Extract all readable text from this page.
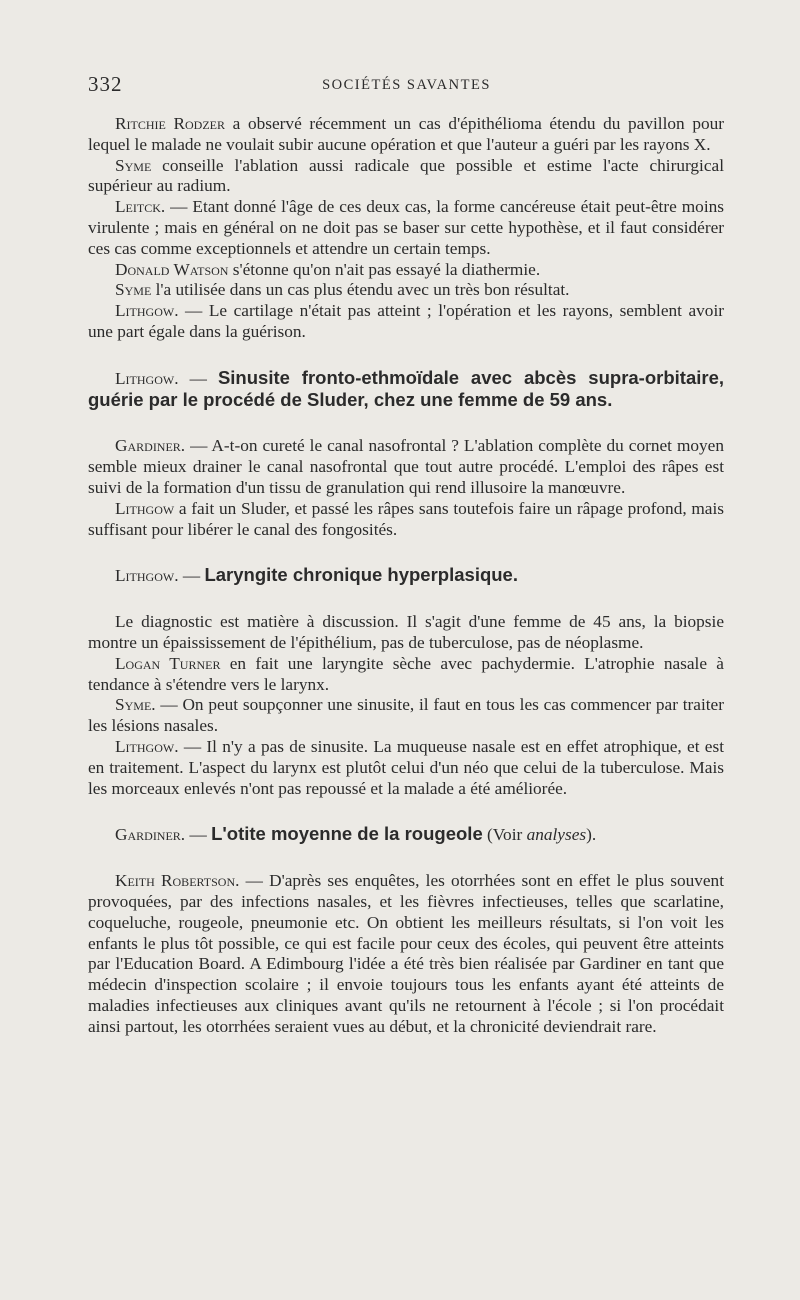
332	SOCIÉTÉS SAVANTES

Ritchie Rodzer a observé récemment un cas d'épithélioma étendu du pavillon pour lequel le malade ne voulait subir aucune opération et que l'auteur a guéri par les rayons X.

Syme conseille l'ablation aussi radicale que possible et estime l'acte chirurgical supérieur au radium.

Leitck. — Etant donné l'âge de ces deux cas, la forme cancéreuse était peut-être moins virulente ; mais en général on ne doit pas se baser sur cette hypothèse, et il faut considérer ces cas comme exceptionnels et attendre un certain temps.

Donald Watson s'étonne qu'on n'ait pas essayé la diathermie.

Syme l'a utilisée dans un cas plus étendu avec un très bon résultat.

Lithgow. — Le cartilage n'était pas atteint ; l'opération et les rayons, semblent avoir une part égale dans la guérison.

Lithgow. — Sinusite fronto-ethmoïdale avec abcès supra-orbitaire, guérie par le procédé de Sluder, chez une femme de 59 ans.

Gardiner. — A-t-on cureté le canal nasofrontal ? L'ablation complète du cornet moyen semble mieux drainer le canal nasofrontal que tout autre procédé. L'emploi des râpes est suivi de la formation d'un tissu de granulation qui rend illusoire la manœuvre.

Lithgow a fait un Sluder, et passé les râpes sans toutefois faire un râpage profond, mais suffisant pour libérer le canal des fongosités.

Lithgow. — Laryngite chronique hyperplasique.

Le diagnostic est matière à discussion. Il s'agit d'une femme de 45 ans, la biopsie montre un épaississement de l'épithélium, pas de tuberculose, pas de néoplasme.

Logan Turner en fait une laryngite sèche avec pachydermie. L'atrophie nasale à tendance à s'étendre vers le larynx.

Syme. — On peut soupçonner une sinusite, il faut en tous les cas commencer par traiter les lésions nasales.

Lithgow. — Il n'y a pas de sinusite. La muqueuse nasale est en effet atrophique, et est en traitement. L'aspect du larynx est plutôt celui d'un néo que celui de la tuberculose. Mais les morceaux enlevés n'ont pas repoussé et la malade a été améliorée.

Gardiner. — L'otite moyenne de la rougeole (Voir analyses).

Keith Robertson. — D'après ses enquêtes, les otorrhées sont en effet le plus souvent provoquées, par des infections nasales, et les fièvres infectieuses, telles que scarlatine, coqueluche, rougeole, pneumonie etc. On obtient les meilleurs résultats, si l'on voit les enfants le plus tôt possible, ce qui est facile pour ceux des écoles, qui peuvent être atteints par l'Education Board. A Edimbourg l'idée a été très bien réalisée par Gardiner en tant que médecin d'inspection scolaire ; il envoie toujours tous les enfants ayant été atteints de maladies infectieuses aux cliniques avant qu'ils ne retournent à l'école ; si l'on procédait ainsi partout, les otorrhées seraient vues au début, et la chronicité deviendrait rare.
